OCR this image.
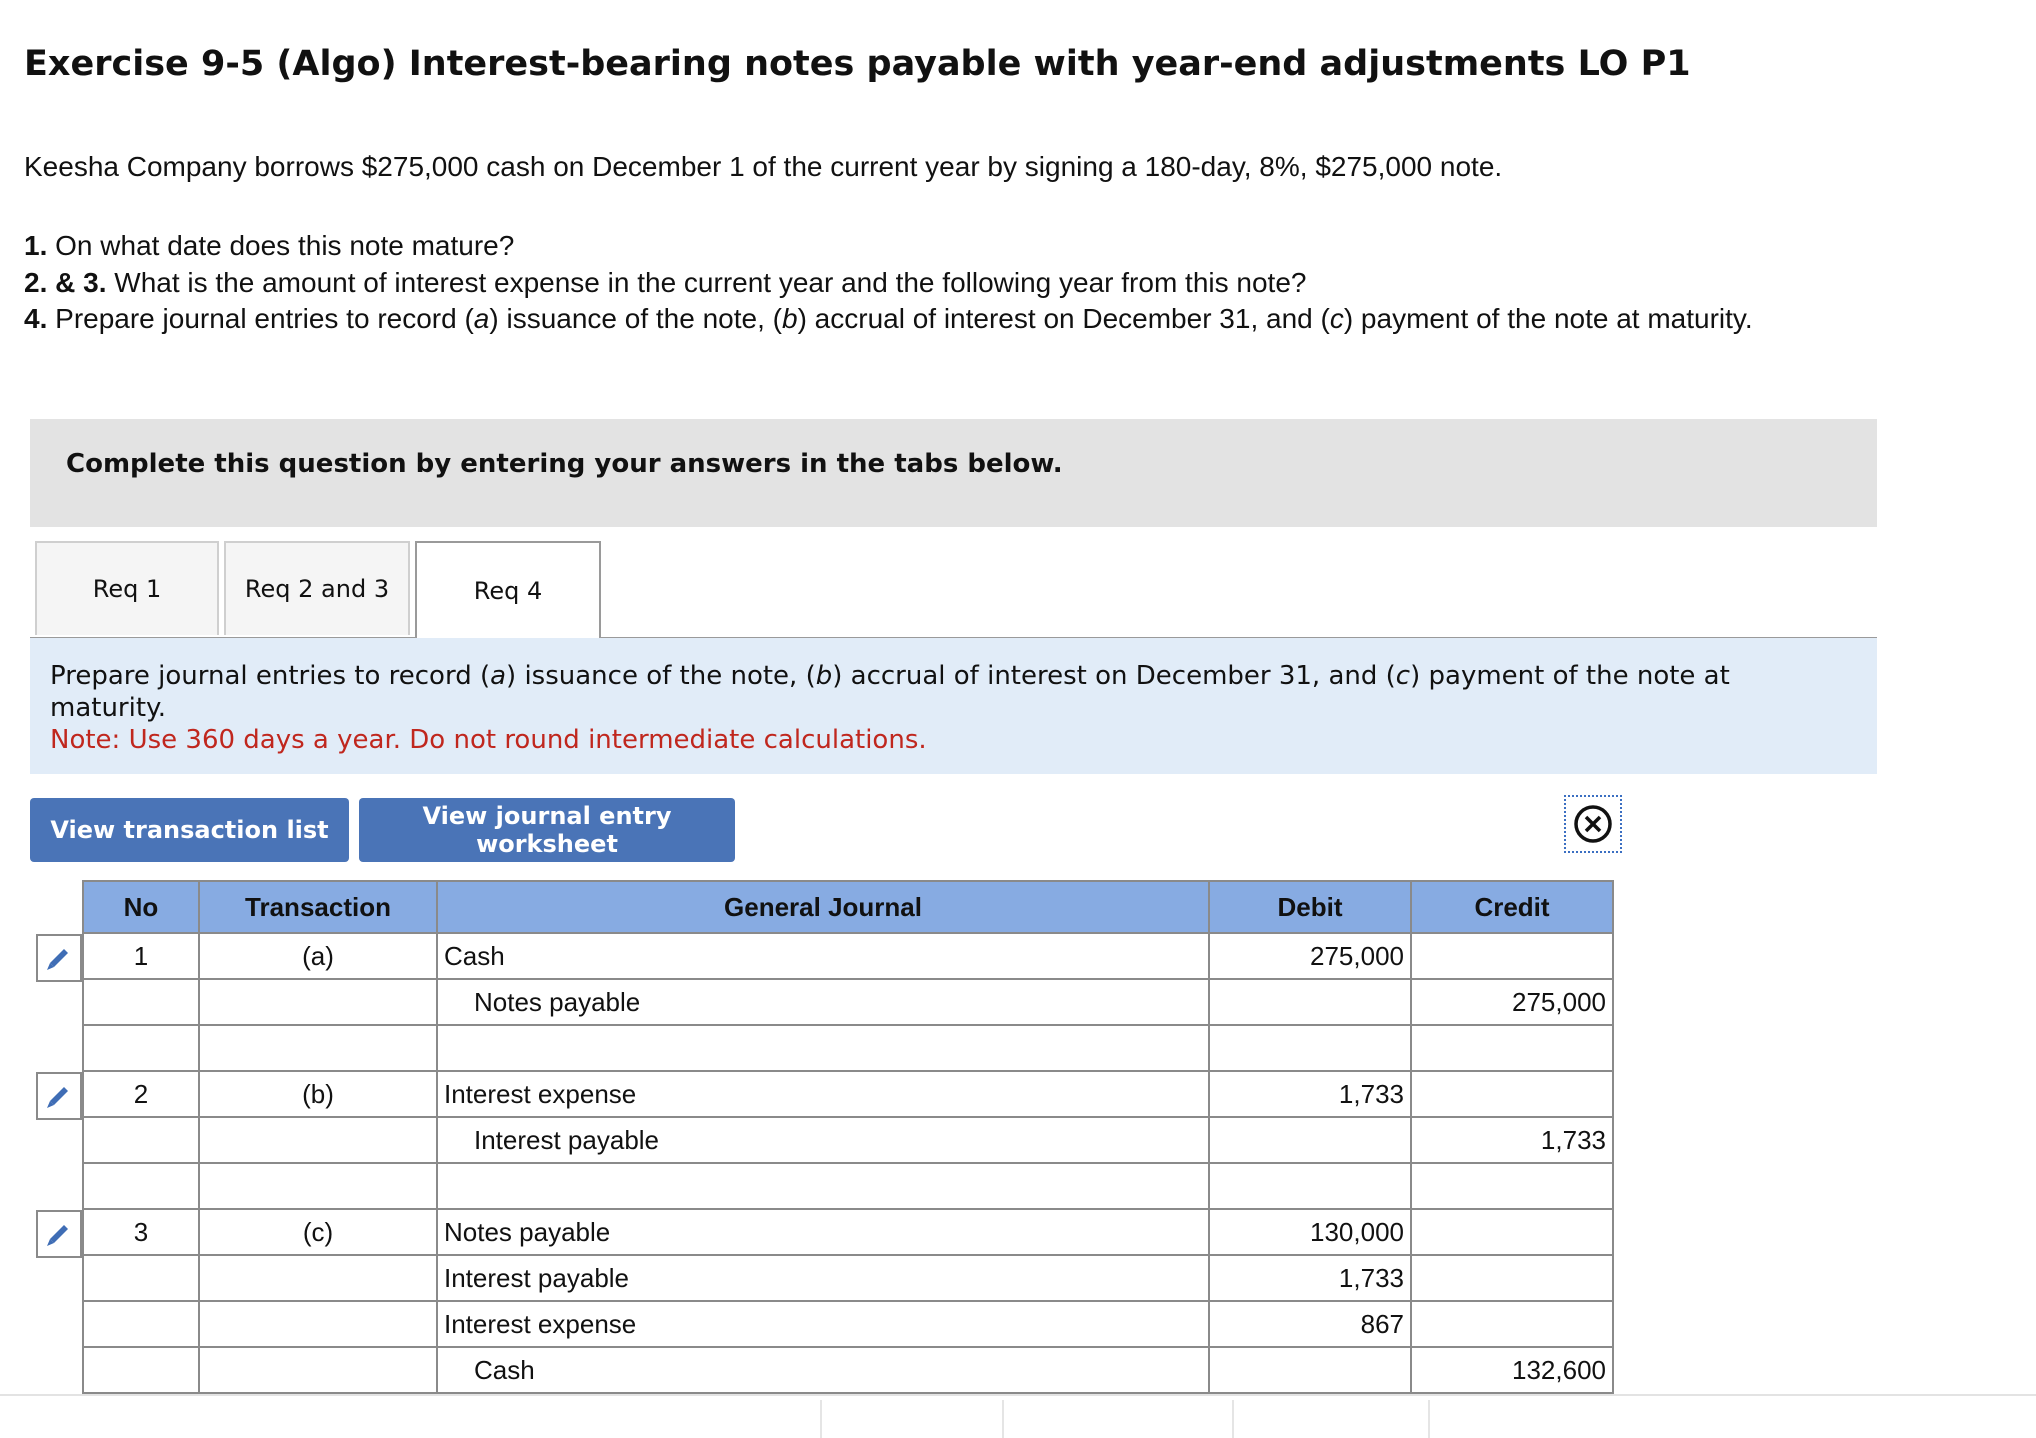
Exercise 9-5 (Algo) Interest-bearing notes payable with year-end adjustments LO P1

Keesha Company borrows $275,000 cash on December 1 of the current year by signing a 180-day, 8%, $275,000 note.

1. On what date does this note mature?
2. & 3. What is the amount of interest expense in the current year and the following year from this note?
4. Prepare journal entries to record (a) issuance of the note, (b) accrual of interest on December 31, and (c) payment of the note at maturity.

Complete this question by entering your answers in the tabs below.

Req 1	Req 2 and 3	Req 4

Prepare journal entries to record (a) issuance of the note, (b) accrual of interest on December 31, and (c) payment of the note at maturity.
Note: Use 360 days a year. Do not round intermediate calculations.

View transaction list	View journal entry worksheet
No	Transaction	General Journal	Debit	Credit
1	(a)	Cash	275,000	
		Notes payable		275,000

2	(b)	Interest expense	1,733	
		Interest payable		1,733

3	(c)	Notes payable	130,000	
		Interest payable	1,733	
		Interest expense	867	
		Cash		132,600
